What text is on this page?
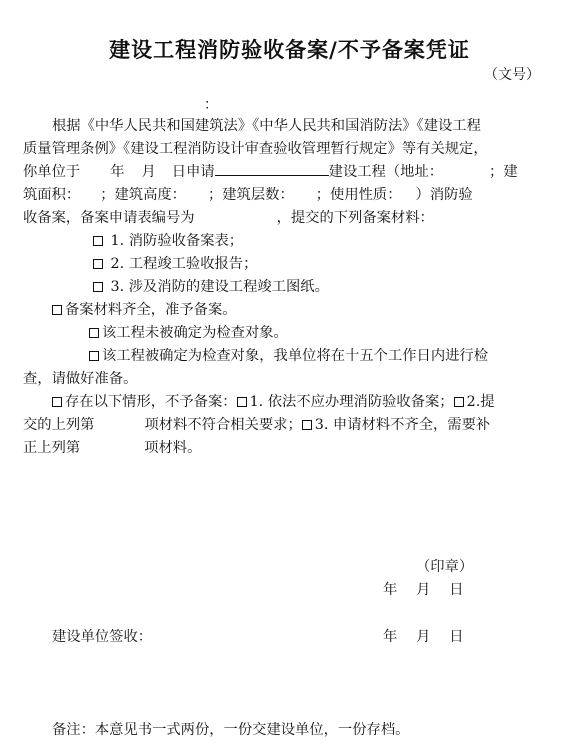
建设工程消防验收备案/不予备案凭证
（文号）
：
根据《中华人民共和国建筑法》《中华人民共和国消防法》《建设工程
质量管理条例》《建设工程消防设计审查验收管理暂行规定》等有关规定，
你单位于 年 月 日申请	建设工程（地址：	；建
筑面积： ；建筑高度： ；建筑层数： ；使用性质： ）消防验
收备案，备案申请表编号为	，提交的下列备案材料：
1. 消防验收备案表；
2. 工程竣工验收报告；
3. 涉及消防的建设工程竣工图纸。
备案材料齐全，准予备案。
该工程未被确定为检查对象。
该工程被确定为检查对象，我单位将在十五个工作日内进行检
查，请做好准备。
存在以下情形，不予备案： 1. 依法不应办理消防验收备案； 2.提
交的上列第	项材料不符合相关要求； 3. 申请材料不齐全，需要补
正上列第	项材料。
（印章）
年　 月　 日
建设单位签收：	年　 月　 日
备注：本意见书一式两份，一份交建设单位，一份存档。
